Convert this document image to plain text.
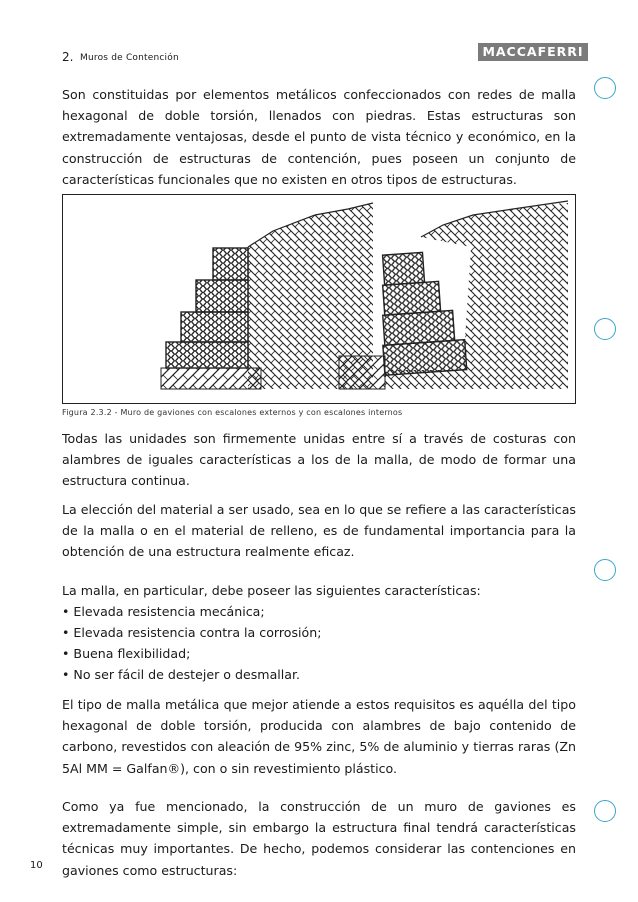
2. Muros de Contención	MACCAFERRI

Son constituidas por elementos metálicos confeccionados con redes de malla hexagonal de doble torsión, llenados con piedras. Estas estructuras son extremadamente ventajosas, desde el punto de vista técnico y económico, en la construcción de estructuras de contención, pues poseen un conjunto de características funcionales que no existen en otros tipos de estructuras.

Figura 2.3.2 - Muro de gaviones con escalones externos y con escalones internos

Todas las unidades son firmemente unidas entre sí a través de costuras con alambres de iguales características a los de la malla, de modo de formar una estructura continua.

La elección del material a ser usado, sea en lo que se refiere a las características de la malla o en el material de relleno, es de fundamental importancia para la obtención de una estructura realmente eficaz.

La malla, en particular, debe poseer las siguientes características:

• Elevada resistencia mecánica;
• Elevada resistencia contra la corrosión;
• Buena flexibilidad;
• No ser fácil de destejer o desmallar.

El tipo de malla metálica que mejor atiende a estos requisitos es aquélla del tipo hexagonal de doble torsión, producida con alambres de bajo contenido de carbono, revestidos con aleación de 95% zinc, 5% de aluminio y tierras raras (Zn 5Al MM = Galfan®), con o sin revestimiento plástico.

Como ya fue mencionado, la construcción de un muro de gaviones es extremadamente simple, sin embargo la estructura final tendrá características técnicas muy importantes. De hecho, podemos considerar las contenciones en gaviones como estructuras:

10
